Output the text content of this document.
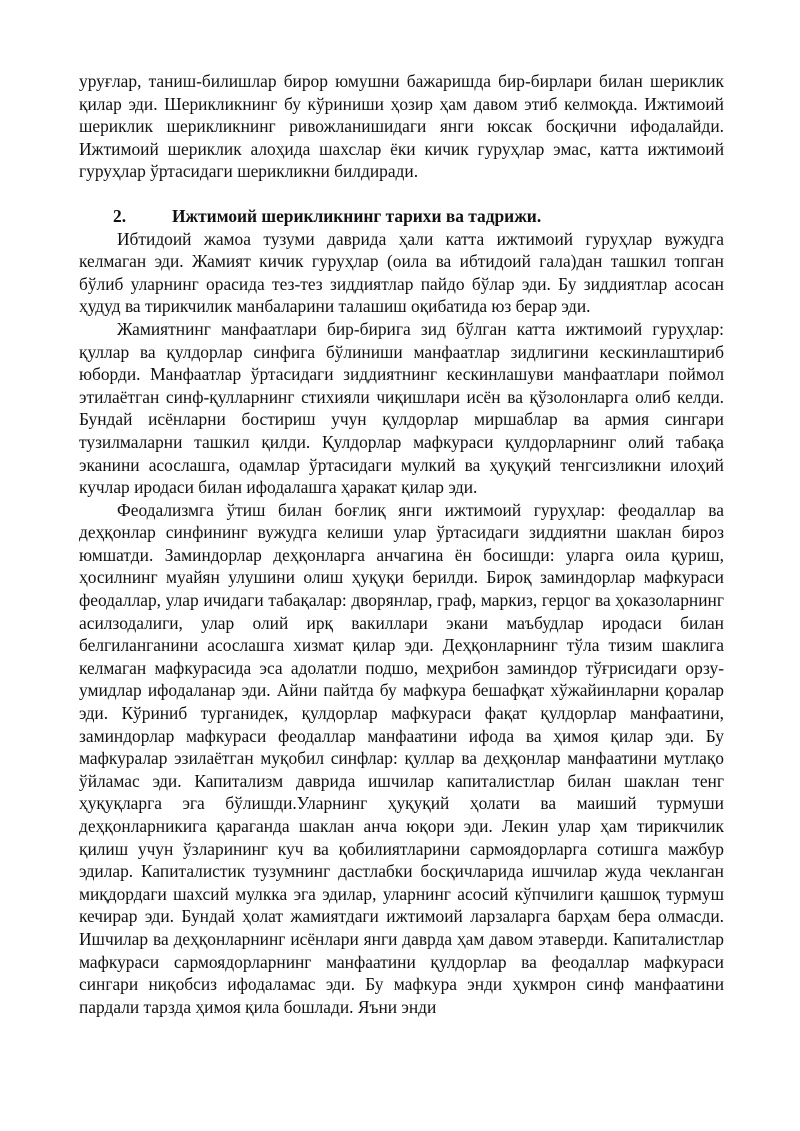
уруғлар, таниш-билишлар бирор юмушни бажаришда бир-бирлари билан шериклик қилар эди. Шерикликнинг бу кўриниши ҳозир ҳам давом этиб келмоқда. Ижтимоий шериклик шерикликнинг ривожланишидаги янги юксак босқични ифодалайди. Ижтимоий шериклик алоҳида шахслар ёки кичик гуруҳлар эмас, катта ижтимоий гуруҳлар ўртасидаги шерикликни билдиради.

2.	Ижтимоий шерикликнинг тарихи ва тадрижи.

Ибтидоий жамоа тузуми даврида ҳали катта ижтимоий гуруҳлар вужудга келмаган эди. Жамият кичик гуруҳлар (оила ва ибтидоий гала)дан ташкил топган бўлиб уларнинг орасида тез-тез зиддиятлар пайдо бўлар эди. Бу зиддиятлар асосан ҳудуд ва тирикчилик манбаларини талашиш оқибатида юз берар эди.

Жамиятнинг манфаатлари бир-бирига зид бўлган катта ижтимоий гуруҳлар: қуллар ва қулдорлар синфига бўлиниши манфаатлар зидлигини кескинлаштириб юборди. Манфаатлар ўртасидаги зиддиятнинг кескинлашуви манфаатлари поймол этилаётган синф-қулларнинг стихияли чиқишлари исён ва қўзолонларга олиб келди. Бундай исёнларни бостириш учун қулдорлар миршаблар ва армия сингари тузилмаларни ташкил қилди. Қулдорлар мафкураси қулдорларнинг олий табақа эканини асослашга, одамлар ўртасидаги мулкий ва ҳуқуқий тенгсизликни илоҳий кучлар иродаси билан ифодалашга ҳаракат қилар эди.

Феодализмга ўтиш билан боғлиқ янги ижтимоий гуруҳлар: феодаллар ва деҳқонлар синфининг вужудга келиши улар ўртасидаги зиддиятни шаклан бироз юмшатди. Заминдорлар деҳқонларга анчагина ён босишди: уларга оила қуриш, ҳосилнинг муайян улушини олиш ҳуқуқи берилди. Бироқ заминдорлар мафкураси феодаллар, улар ичидаги табақалар: дворянлар, граф, маркиз, герцог ва ҳоказоларнинг асилзодалиги, улар олий ирқ вакиллари экани маъбудлар иродаси билан белгиланганини асослашга хизмат қилар эди. Деҳқонларнинг тўла тизим шаклига келмаган мафкурасида эса адолатли подшо, меҳрибон заминдор тўғрисидаги орзу-умидлар ифодаланар эди. Айни пайтда бу мафкура бешафқат хўжайинларни қоралар эди. Кўриниб турганидек, қулдорлар мафкураси фақат қулдорлар манфаатини, заминдорлар мафкураси феодаллар манфаатини ифода ва ҳимоя қилар эди. Бу мафкуралар эзилаётган муқобил синфлар: қуллар ва деҳқонлар манфаатини мутлақо ўйламас эди. Капитализм даврида ишчилар капиталистлар билан шаклан тенг ҳуқуқларга эга бўлишди.Уларнинг ҳуқуқий ҳолати ва маиший турмуши деҳқонларникига қараганда шаклан анча юқори эди. Лекин улар ҳам тирикчилик қилиш учун ўзларининг куч ва қобилиятларини сармоядорларга сотишга мажбур эдилар. Капиталистик тузумнинг дастлабки босқичларида ишчилар жуда чекланган миқдордаги шахсий мулкка эга эдилар, уларнинг асосий кўпчилиги қашшоқ турмуш кечирар эди. Бундай ҳолат жамиятдаги ижтимоий ларзаларга барҳам бера олмасди. Ишчилар ва деҳқонларнинг исёнлари янги даврда ҳам давом этаверди. Капиталистлар мафкураси сармоядорларнинг манфаатини қулдорлар ва феодаллар мафкураси сингари ниқобсиз ифодаламас эди. Бу мафкура энди ҳукмрон синф манфаатини пардали тарзда ҳимоя қила бошлади. Яъни энди
